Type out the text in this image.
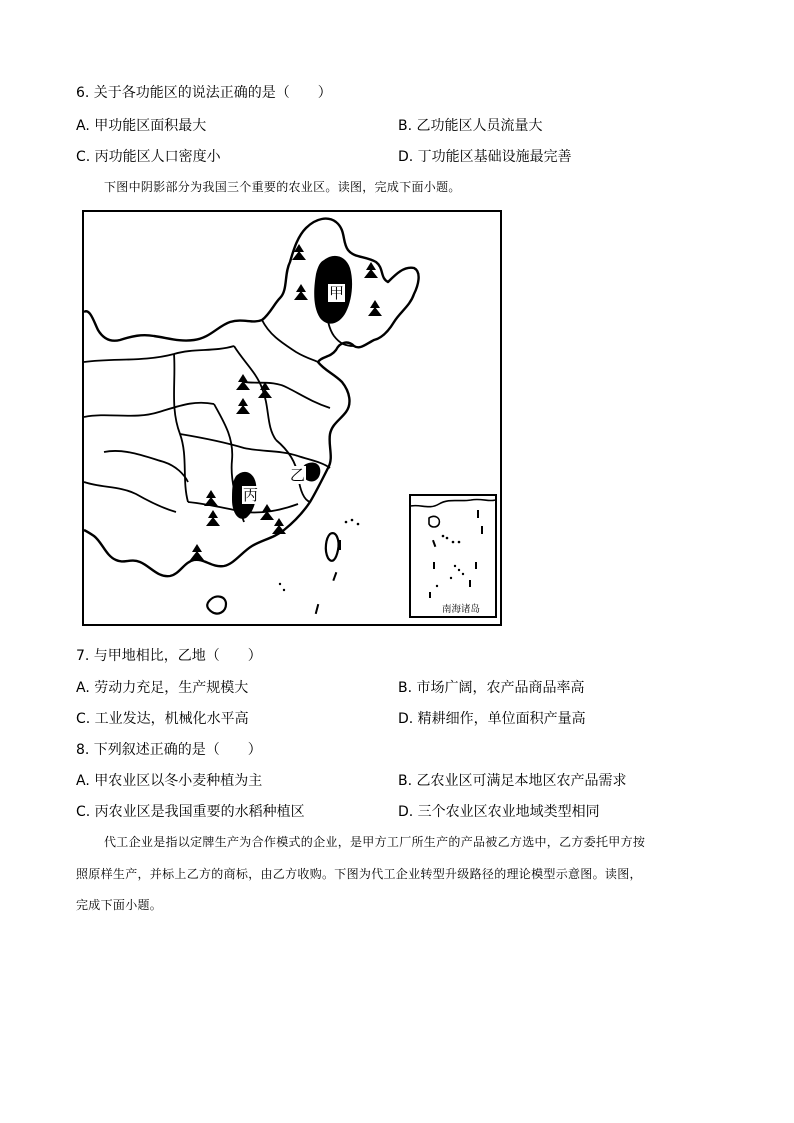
6. 关于各功能区的说法正确的是（　　）
A. 甲功能区面积最大	B. 乙功能区人员流量大
C. 丙功能区人口密度小	D. 丁功能区基础设施最完善
下图中阴影部分为我国三个重要的农业区。读图，完成下面小题。
甲
乙
丙
南海诸岛
7. 与甲地相比，乙地（　　）
A. 劳动力充足，生产规模大	B. 市场广阔，农产品商品率高
C. 工业发达，机械化水平高	D. 精耕细作，单位面积产量高
8. 下列叙述正确的是（　　）
A. 甲农业区以冬小麦种植为主	B. 乙农业区可满足本地区农产品需求
C. 丙农业区是我国重要的水稻种植区	D. 三个农业区农业地域类型相同
代工企业是指以定牌生产为合作模式的企业，是甲方工厂所生产的产品被乙方选中，乙方委托甲方按
照原样生产，并标上乙方的商标，由乙方收购。下图为代工企业转型升级路径的理论模型示意图。读图，
完成下面小题。
